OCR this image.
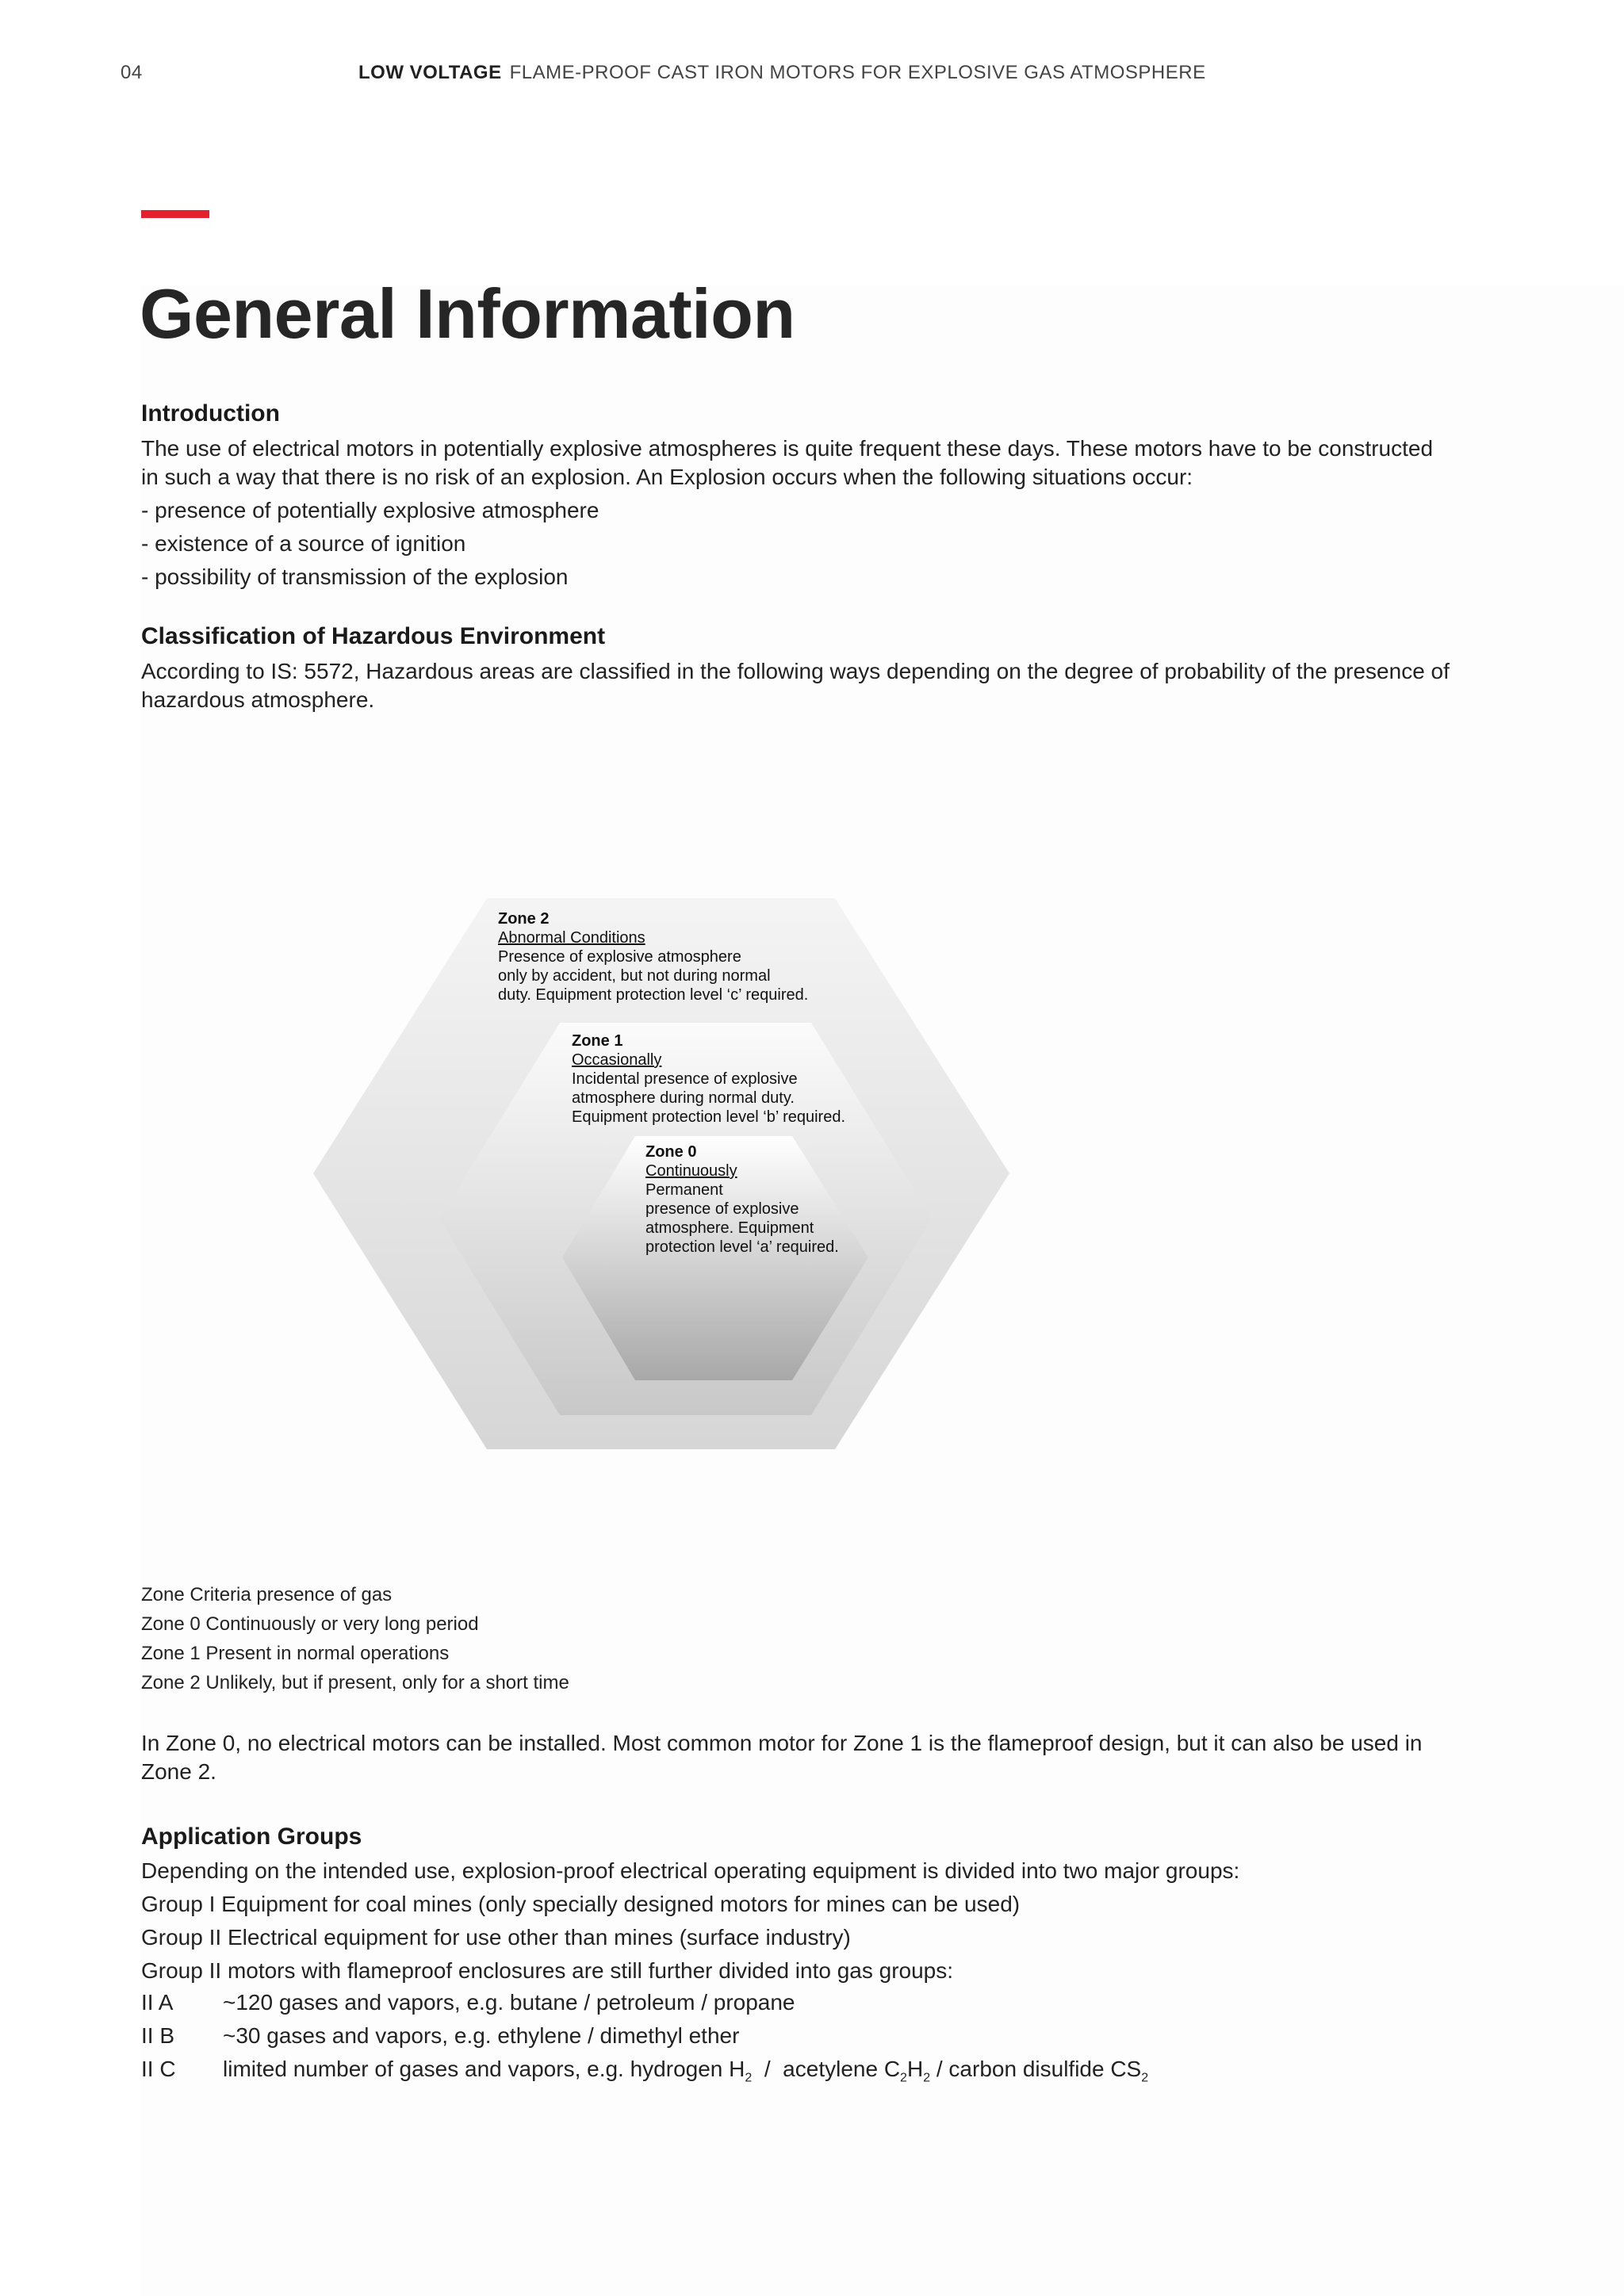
04	LOW VOLTAGE FLAME-PROOF CAST IRON MOTORS FOR EXPLOSIVE GAS ATMOSPHERE
General Information
Introduction
The use of electrical motors in potentially explosive atmospheres is quite frequent these days. These motors have to be constructed
in such a way that there is no risk of an explosion. An Explosion occurs when the following situations occur:
- presence of potentially explosive atmosphere
- existence of a source of ignition
- possibility of transmission of the explosion
Classification of Hazardous Environment
According to IS: 5572, Hazardous areas are classified in the following ways depending on the degree of probability of the presence of
hazardous atmosphere.
Zone 2
Abnormal Conditions
Presence of explosive atmosphere
only by accident, but not during normal
duty. Equipment protection level ‘c’ required.
Zone 1
Occasionally
Incidental presence of explosive
atmosphere during normal duty.
Equipment protection level ‘b’ required.
Zone 0
Continuously
Permanent
presence of explosive
atmosphere. Equipment
protection level ‘a’ required.
Zone Criteria presence of gas
Zone 0 Continuously or very long period
Zone 1 Present in normal operations
Zone 2 Unlikely, but if present, only for a short time
In Zone 0, no electrical motors can be installed. Most common motor for Zone 1 is the flameproof design, but it can also be used in
Zone 2.
Application Groups
Depending on the intended use, explosion-proof electrical operating equipment is divided into two major groups:
Group I Equipment for coal mines (only specially designed motors for mines can be used)
Group II Electrical equipment for use other than mines (surface industry)
Group II motors with flameproof enclosures are still further divided into gas groups:
II A ~120 gases and vapors, e.g. butane / petroleum / propane
II B ~30 gases and vapors, e.g. ethylene / dimethyl ether
II C limited number of gases and vapors, e.g. hydrogen $H_2$  /  acetylene $C_2H_2$ / carbon disulfide $CS_2$
